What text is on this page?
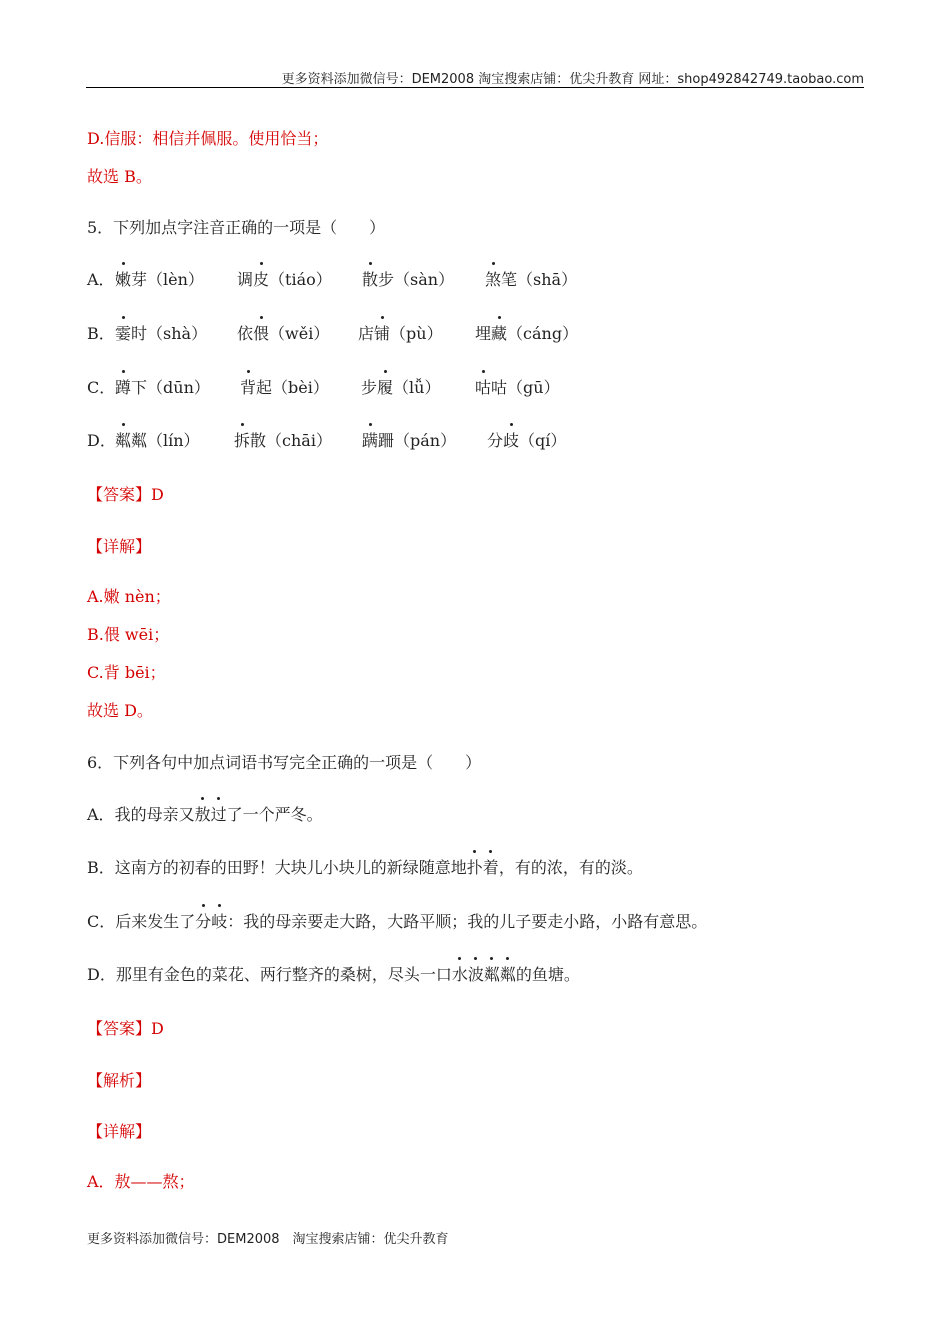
更多资料添加微信号：DEM2008 淘宝搜索店铺：优尖升教育 网址：shop492842749.taobao.com
D.信服：相信并佩服。使用恰当；
故选 B。
5．下列加点字注音正确的一项是（　　）
A． 嫩芽（lèn） 调皮（tiáo） 散步（sàn） 煞笔（shā）
B． 霎时（shà） 依偎（wěi） 店铺（pù） 埋藏（cáng）
C． 蹲下（dūn） 背起（bèi） 步履（lǚ） 咕咕（gū）
D． 粼粼（lín） 拆散（chāi） 蹒跚（pán） 分歧（qí）
【答案】D
【详解】
A.嫩 nèn；
B.偎 wēi；
C.背 bēi；
故选 D。
6．下列各句中加点词语书写完全正确的一项是（　　）
A．我的母亲又敖过了一个严冬。
B．这南方的初春的田野！大块儿小块儿的新绿随意地扑着，有的浓，有的淡。
C．后来发生了分岐：我的母亲要走大路，大路平顺；我的儿子要走小路，小路有意思。
D．那里有金色的菜花、两行整齐的桑树，尽头一口水波粼粼的鱼塘。
【答案】D
【解析】
【详解】
A．敖——熬；
更多资料添加微信号：DEM2008　淘宝搜索店铺：优尖升教育
